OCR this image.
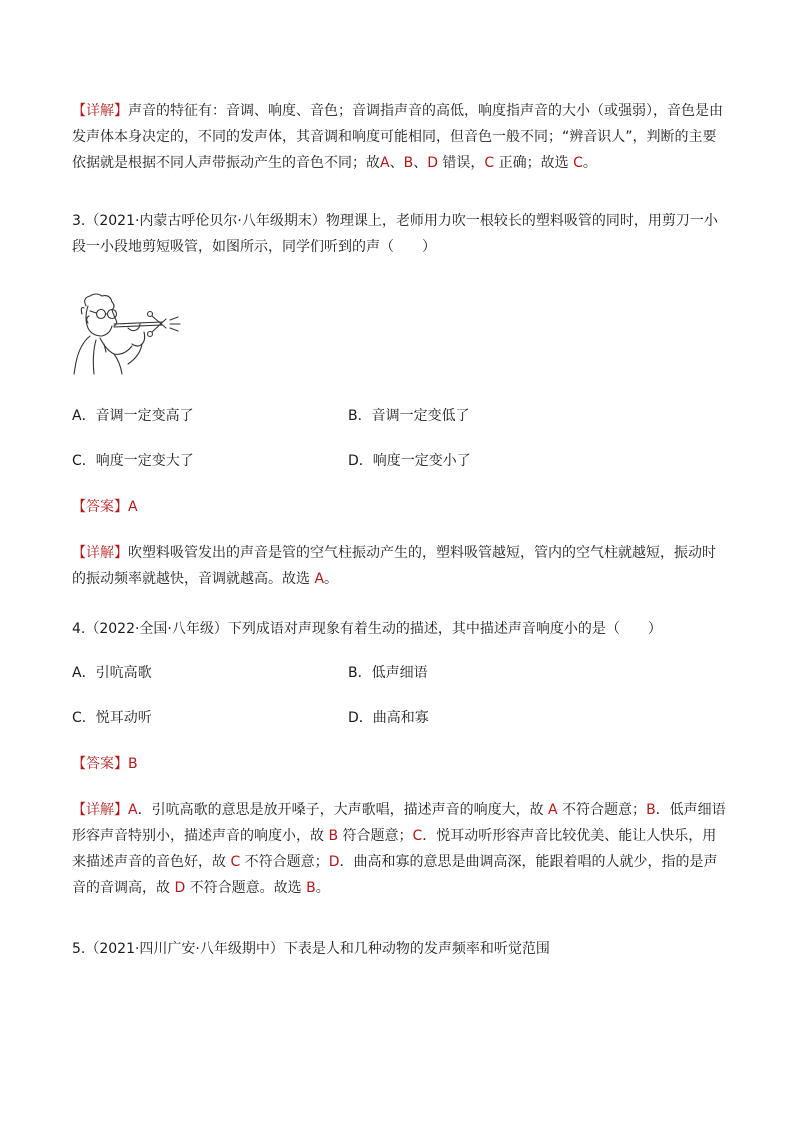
【详解】声音的特征有：音调、响度、音色；音调指声音的高低，响度指声音的大小（或强弱），音色是由发声体本身决定的，不同的发声体，其音调和响度可能相同，但音色一般不同；“辨音识人”，判断的主要依据就是根据不同人声带振动产生的音色不同；故A、B、D 错误，C 正确；故选 C。
3.（2021·内蒙古呼伦贝尔·八年级期末）物理课上，老师用力吹一根较长的塑料吸管的同时，用剪刀一小段一小段地剪短吸管，如图所示，同学们听到的声（　　）
A．音调一定变高了	B．音调一定变低了
C．响度一定变大了	D．响度一定变小了
【答案】A
【详解】吹塑料吸管发出的声音是管的空气柱振动产生的，塑料吸管越短，管内的空气柱就越短，振动时的振动频率就越快，音调就越高。故选 A。
4.（2022·全国·八年级）下列成语对声现象有着生动的描述，其中描述声音响度小的是（　　）
A．引吭高歌	B．低声细语
C．悦耳动听	D．曲高和寡
【答案】B
【详解】A．引吭高歌的意思是放开嗓子，大声歌唱，描述声音的响度大，故 A 不符合题意；B．低声细语形容声音特别小，描述声音的响度小，故 B 符合题意；C．悦耳动听形容声音比较优美、能让人快乐，用来描述声音的音色好，故 C 不符合题意；D．曲高和寡的意思是曲调高深，能跟着唱的人就少，指的是声音的音调高，故 D 不符合题意。故选 B。
5.（2021·四川广安·八年级期中）下表是人和几种动物的发声频率和听觉范围
